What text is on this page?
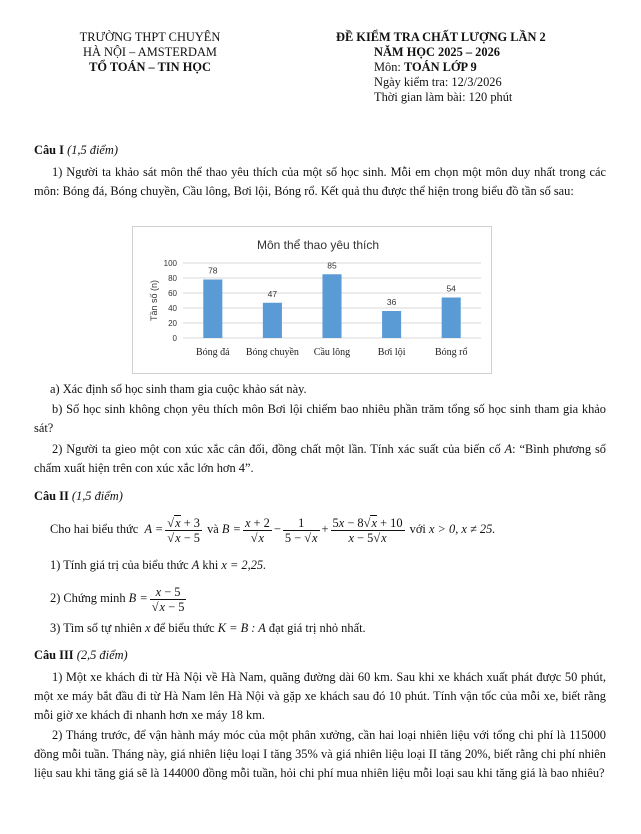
TRƯỜNG THPT CHUYÊN
HÀ NỘI – AMSTERDAM
TỔ TOÁN – TIN HỌC
ĐỀ KIỂM TRA CHẤT LƯỢNG LẦN 2
NĂM HỌC 2025 – 2026
Môn: TOÁN LỚP 9
Ngày kiểm tra: 12/3/2026
Thời gian làm bài: 120 phút
Câu I (1,5 điểm)
1) Người ta khảo sát môn thể thao yêu thích của một số học sinh. Mỗi em chọn một môn duy nhất trong các môn: Bóng đá, Bóng chuyền, Cầu lông, Bơi lội, Bóng rổ. Kết quả thu được thể hiện trong biểu đồ tần số sau:
Môn thể thao yêu thích
0
20
40
60
80
100
Tần số (n)
78
Bóng đá
47
Bóng chuyền
85
Cầu lông
36
Bơi lội
54
Bóng rổ
a) Xác định số học sinh tham gia cuộc khảo sát này.
b) Số học sinh không chọn yêu thích môn Bơi lội chiếm bao nhiêu phần trăm tổng số học sinh tham gia khảo sát?
2) Người ta gieo một con xúc xắc cân đối, đồng chất một lần. Tính xác suất của biến cố A: “Bình phương số chấm xuất hiện trên con xúc xắc lớn hơn 4”.
Câu II (1,5 điểm)
Cho hai biểu thức  $A = \frac{√x + 3}{√x - 5}$ và $B = \frac{x + 2}{√x} - \frac{1}{5 - √x} + \frac{5x - 8√x + 10}{x - 5√x}$ với x > 0, x ≠ 25.
1) Tính giá trị của biểu thức A khi x = 2,25.
2) Chứng minh $B = \frac{x - 5}{√x - 5}$
3) Tìm số tự nhiên x để biểu thức K = B : A đạt giá trị nhỏ nhất.
Câu III (2,5 điểm)
1) Một xe khách đi từ Hà Nội về Hà Nam, quãng đường dài 60 km. Sau khi xe khách xuất phát được 50 phút, một xe máy bắt đầu đi từ Hà Nam lên Hà Nội và gặp xe khách sau đó 10 phút. Tính vận tốc của mỗi xe, biết rằng mỗi giờ xe khách đi nhanh hơn xe máy 18 km.
2) Tháng trước, để vận hành máy móc của một phân xưởng, cần hai loại nhiên liệu với tổng chi phí là 115000 đồng mỗi tuần. Tháng này, giá nhiên liệu loại I tăng 35% và giá nhiên liệu loại II tăng 20%, biết rằng chi phí nhiên liệu sau khi tăng giá sẽ là 144000 đồng mỗi tuần, hỏi chi phí mua nhiên liệu mỗi loại sau khi tăng giá là bao nhiêu?
